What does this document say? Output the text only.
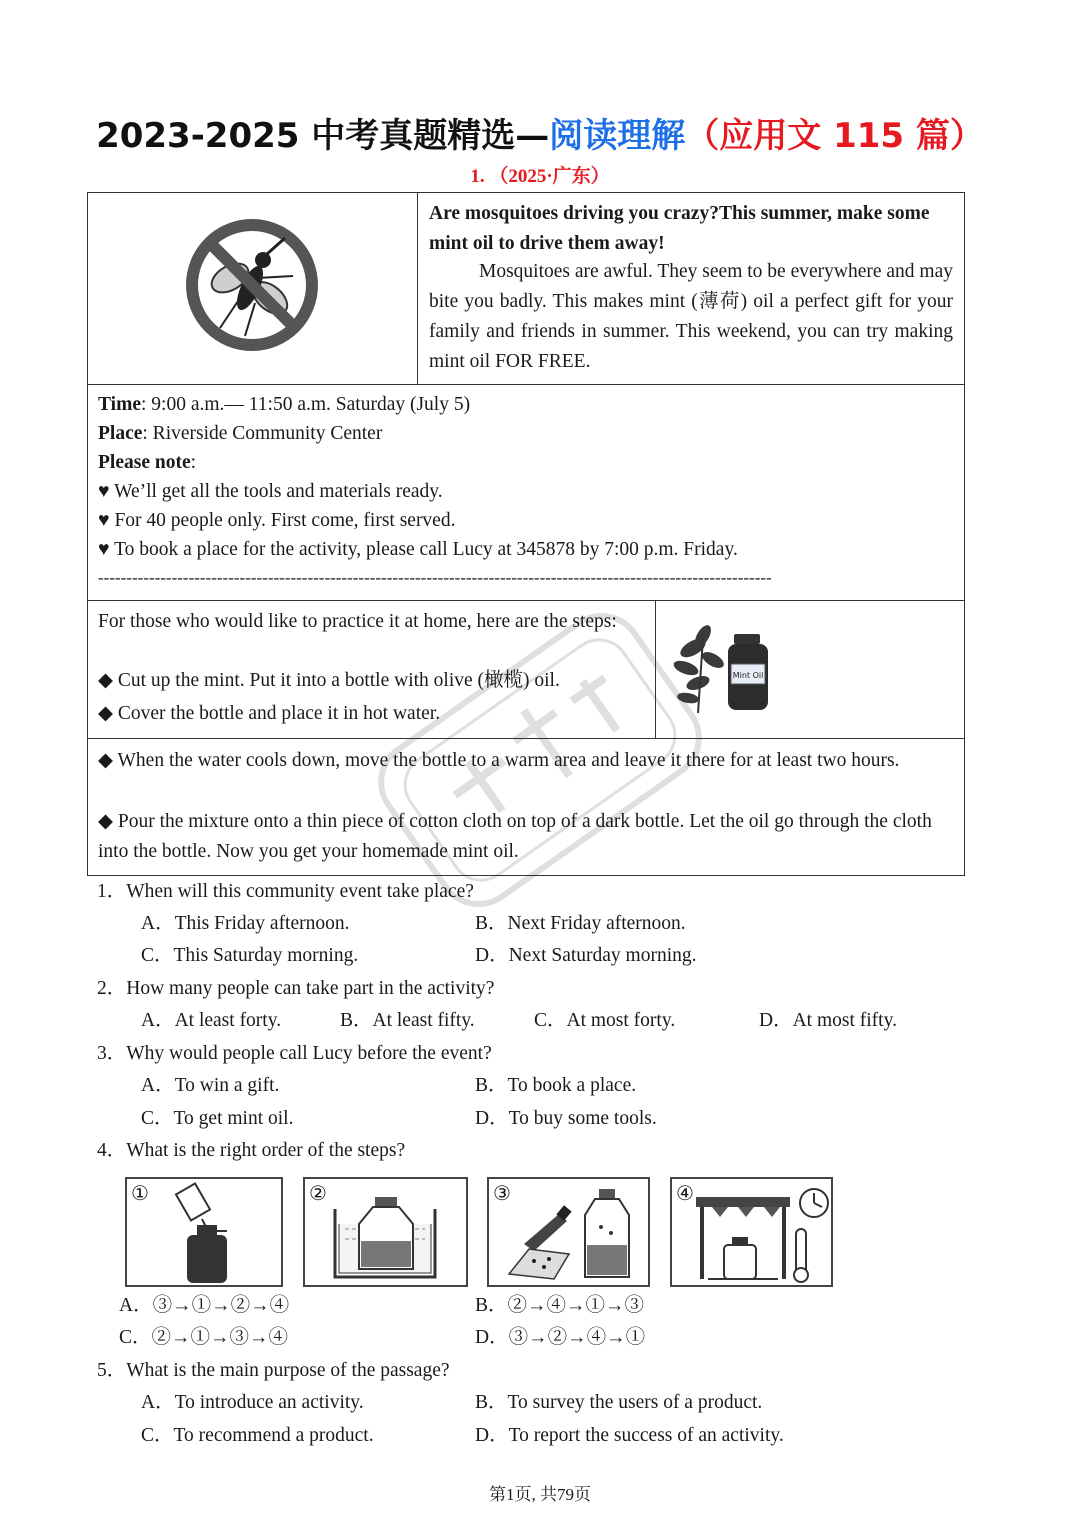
2023-2025 中考真题精选—阅读理解（应用文 115 篇）
1. （2025·广东）
Are mosquitoes driving you crazy?This summer, make some mint oil to drive them away!
Mosquitoes are awful. They seem to be everywhere and may bite you badly. This makes mint (薄荷) oil a perfect gift for your family and friends in summer. This weekend, you can try making mint oil FOR FREE.
Time: 9:00 a.m.— 11:50 a.m. Saturday (July 5)
Place: Riverside Community Center
Please note:
♥ We’ll get all the tools and materials ready.
♥ For 40 people only. First come, first served.
♥ To book a place for the activity, please call Lucy at 345878 by 7:00 p.m. Friday.
-----------------------------------------------------------------------------------------------------------------------
For those who would like to practice it at home, here are the steps:
◆ Cut up the mint. Put it into a bottle with olive (橄榄) oil.
◆ Cover the bottle and place it in hot water.
Mint Oil
◆ When the water cools down, move the bottle to a warm area and leave it there for at least two hours.
◆ Pour the mixture onto a thin piece of cotton cloth on top of a dark bottle. Let the oil go through the cloth into the bottle. Now you get your homemade mint oil.
1．When will this community event take place?
A．This Friday afternoon.	B．Next Friday afternoon.
C．This Saturday morning.	D．Next Saturday morning.
2．How many people can take part in the activity?
A．At least forty.	B．At least fifty.	C．At most forty.	D．At most fifty.
3．Why would people call Lucy before the event?
A．To win a gift.	B．To book a place.
C．To get mint oil.	D．To buy some tools.
4．What is the right order of the steps?
①	②	③	④
A．③→①→②→④	B．②→④→①→③
C．②→①→③→④	D．③→②→④→①
5．What is the main purpose of the passage?
A．To introduce an activity.	B．To survey the users of a product.
C．To recommend a product.	D．To report the success of an activity.
第1页, 共79页
